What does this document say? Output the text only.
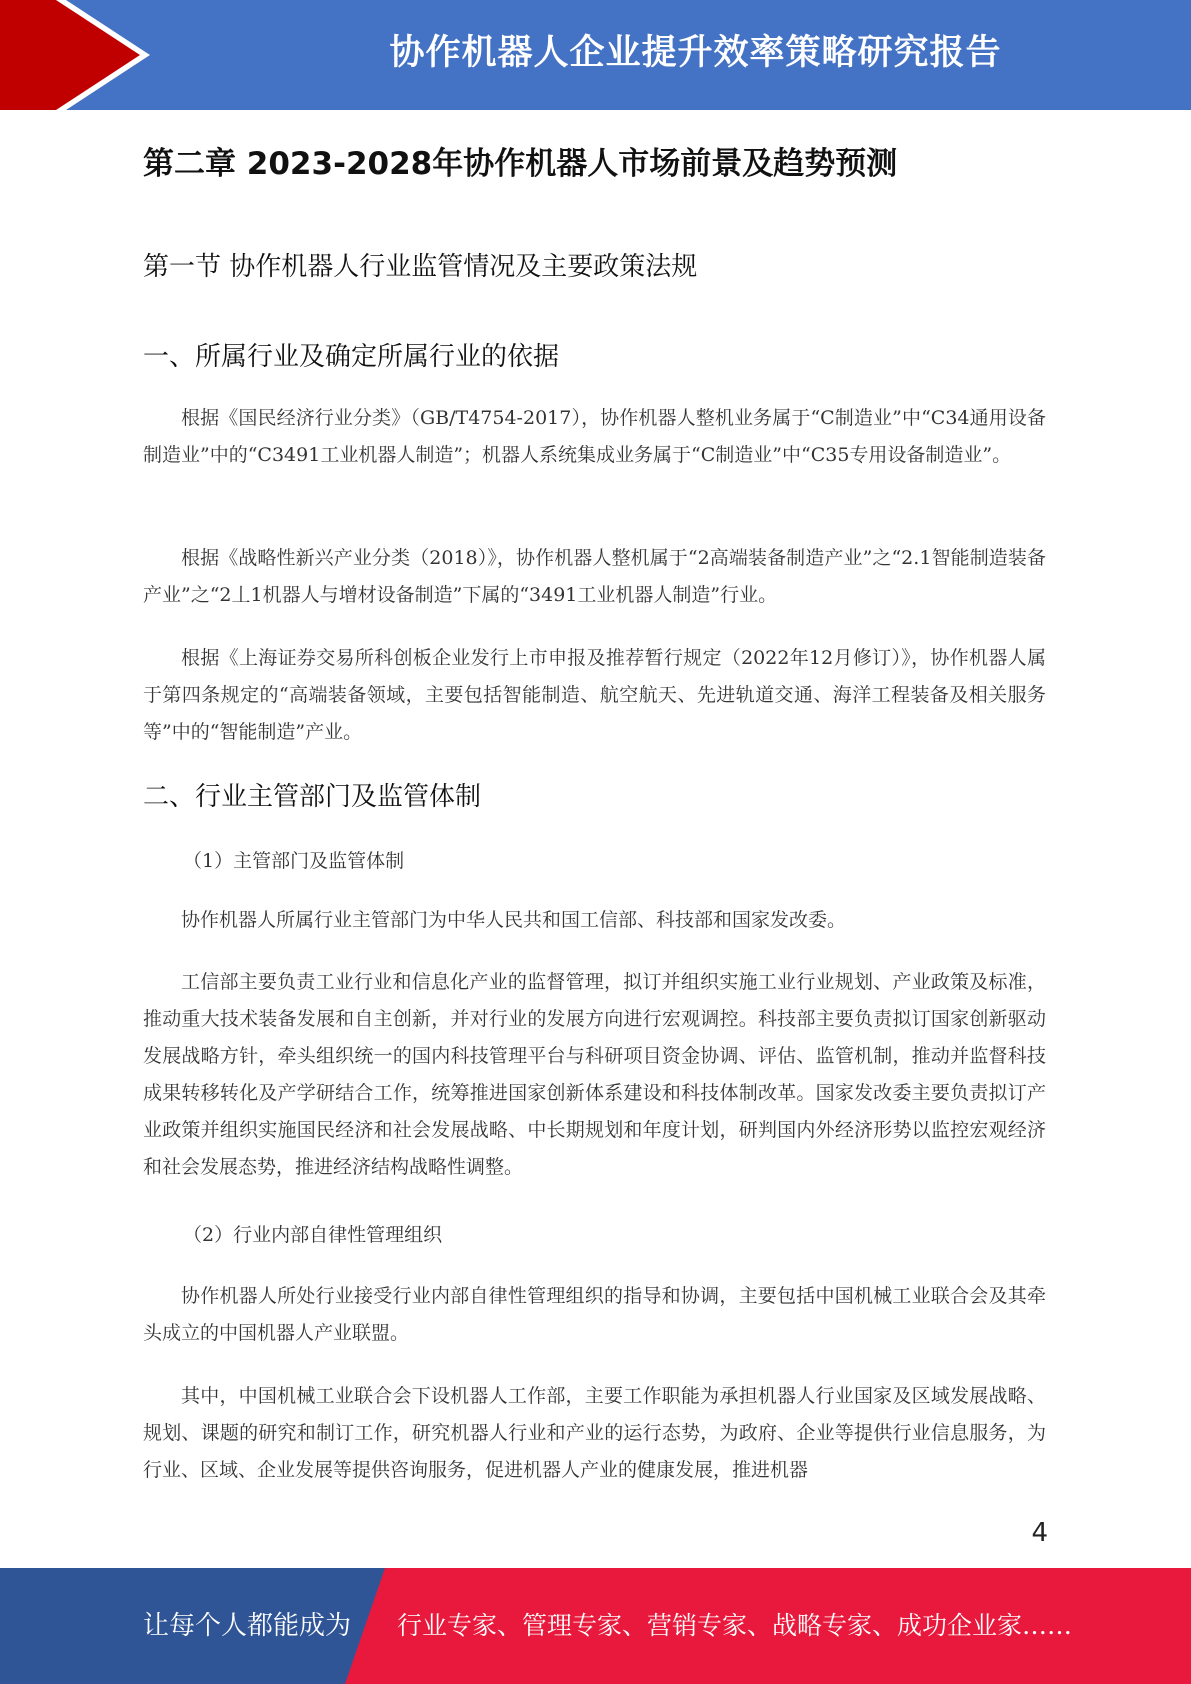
协作机器人企业提升效率策略研究报告
第二章 2023-2028年协作机器人市场前景及趋势预测
第一节 协作机器人行业监管情况及主要政策法规
一、所属行业及确定所属行业的依据

根据《国民经济行业分类》（GB/T4754-2017），协作机器人整机业务属于“C制造业”中“C34通用设备制造业”中的“C3491工业机器人制造”；机器人系统集成业务属于“C制造业”中“C35专用设备制造业”。

根据《战略性新兴产业分类（2018）》，协作机器人整机属于“2高端装备制造产业”之“2.1智能制造装备产业”之“2丄1机器人与增材设备制造”下属的“3491工业机器人制造”行业。

根据《上海证券交易所科创板企业发行上市申报及推荐暂行规定（2022年12月修订）》，协作机器人属于第四条规定的“高端装备领域，主要包括智能制造、航空航天、先进轨道交通、海洋工程装备及相关服务等”中的“智能制造”产业。

二、行业主管部门及监管体制
（1）主管部门及监管体制

协作机器人所属行业主管部门为中华人民共和国工信部、科技部和国家发改委。

工信部主要负责工业行业和信息化产业的监督管理，拟订并组织实施工业行业规划、产业政策及标准，推动重大技术装备发展和自主创新，并对行业的发展方向进行宏观调控。科技部主要负责拟订国家创新驱动发展战略方针，牵头组织统一的国内科技管理平台与科研项目资金协调、评估、监管机制，推动并监督科技成果转移转化及产学研结合工作，统筹推进国家创新体系建设和科技体制改革。国家发改委主要负责拟订产业政策并组织实施国民经济和社会发展战略、中长期规划和年度计划，研判国内外经济形势以监控宏观经济和社会发展态势，推进经济结构战略性调整。

（2）行业内部自律性管理组织

协作机器人所处行业接受行业内部自律性管理组织的指导和协调，主要包括中国机械工业联合会及其牵头成立的中国机器人产业联盟。

其中，中国机械工业联合会下设机器人工作部，主要工作职能为承担机器人行业国家及区域发展战略、规划、课题的研究和制订工作，研究机器人行业和产业的运行态势，为政府、企业等提供行业信息服务，为行业、区域、企业发展等提供咨询服务，促进机器人产业的健康发展，推进机器

4
让每个人都能成为 行业专家、管理专家、营销专家、战略专家、成功企业家……
